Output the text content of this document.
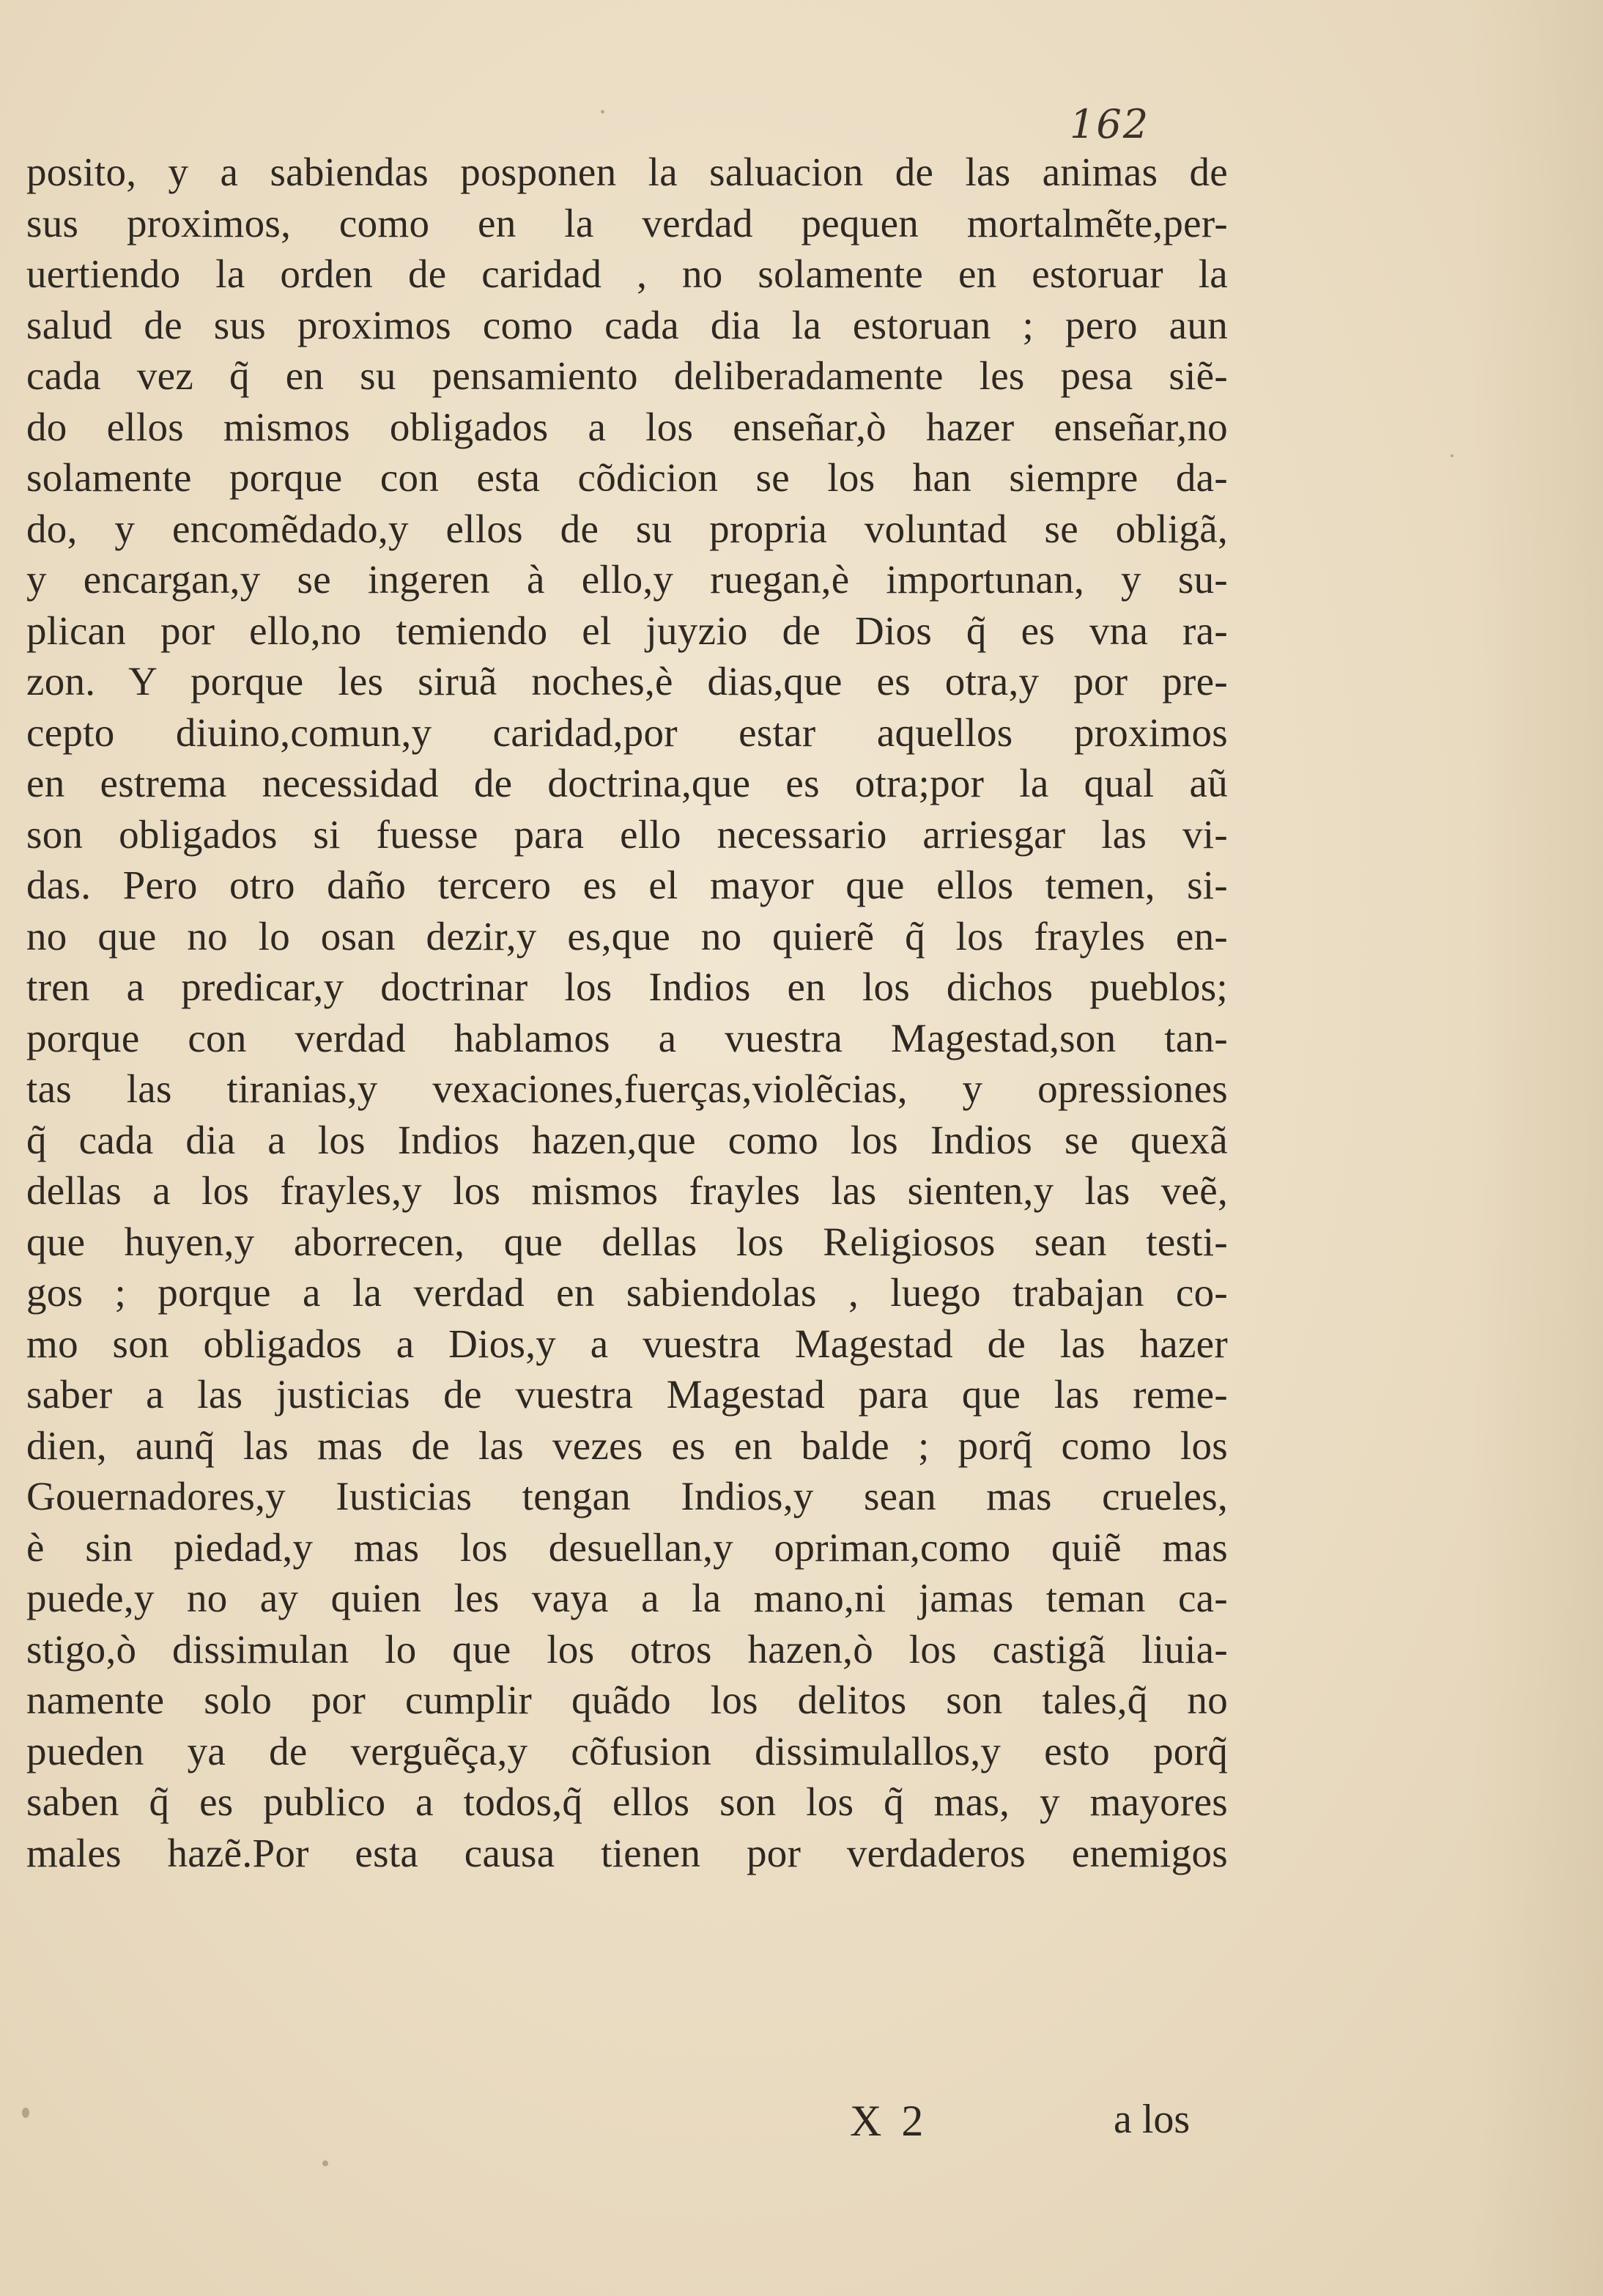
162
posito, y a sabiendas posponen la saluacion de las animas de
sus proximos, como en la verdad pequen mortalmẽte,per-
uertiendo la orden de caridad , no solamente en estoruar la
salud de sus proximos como cada dia la estoruan ; pero aun
cada vez q̃ en su pensamiento deliberadamente les pesa siẽ-
do ellos mismos obligados a los enseñar,ò hazer enseñar,no
solamente porque con esta cõdicion se los han siempre da-
do, y encomẽdado,y ellos de su propria voluntad se obligã,
y encargan,y se ingeren à ello,y ruegan,è importunan, y su-
plican por ello,no temiendo el juyzio de Dios q̃ es vna ra-
zon. Y porque les siruã noches,è dias,que es otra,y por pre-
cepto diuino,comun,y caridad,por estar aquellos proximos
en estrema necessidad de doctrina,que es otra;por la qual aũ
son obligados si fuesse para ello necessario arriesgar las vi-
das. Pero otro daño tercero es el mayor que ellos temen, si-
no que no lo osan dezir,y es,que no quierẽ q̃ los frayles en-
tren a predicar,y doctrinar los Indios en los dichos pueblos;
porque con verdad hablamos a vuestra Magestad,son tan-
tas las tiranias,y vexaciones,fuerças,violẽcias, y opressiones
q̃ cada dia a los Indios hazen,que como los Indios se quexã
dellas a los frayles,y los mismos frayles las sienten,y las veẽ,
que huyen,y aborrecen, que dellas los Religiosos sean testi-
gos ; porque a la verdad en sabiendolas , luego trabajan co-
mo son obligados a Dios,y a vuestra Magestad de las hazer
saber a las justicias de vuestra Magestad para que las reme-
dien, aunq̃ las mas de las vezes es en balde ; porq̃ como los
Gouernadores,y Iusticias tengan Indios,y sean mas crueles,
è sin piedad,y mas los desuellan,y opriman,como quiẽ mas
puede,y no ay quien les vaya a la mano,ni jamas teman ca-
stigo,ò dissimulan lo que los otros hazen,ò los castigã liuia-
namente solo por cumplir quãdo los delitos son tales,q̃ no
pueden ya de verguẽça,y cõfusion dissimulallos,y esto porq̃
saben q̃ es publico a todos,q̃ ellos son los q̃ mas, y mayores
males hazẽ.Por esta causa tienen por verdaderos enemigos
X 2	a los
